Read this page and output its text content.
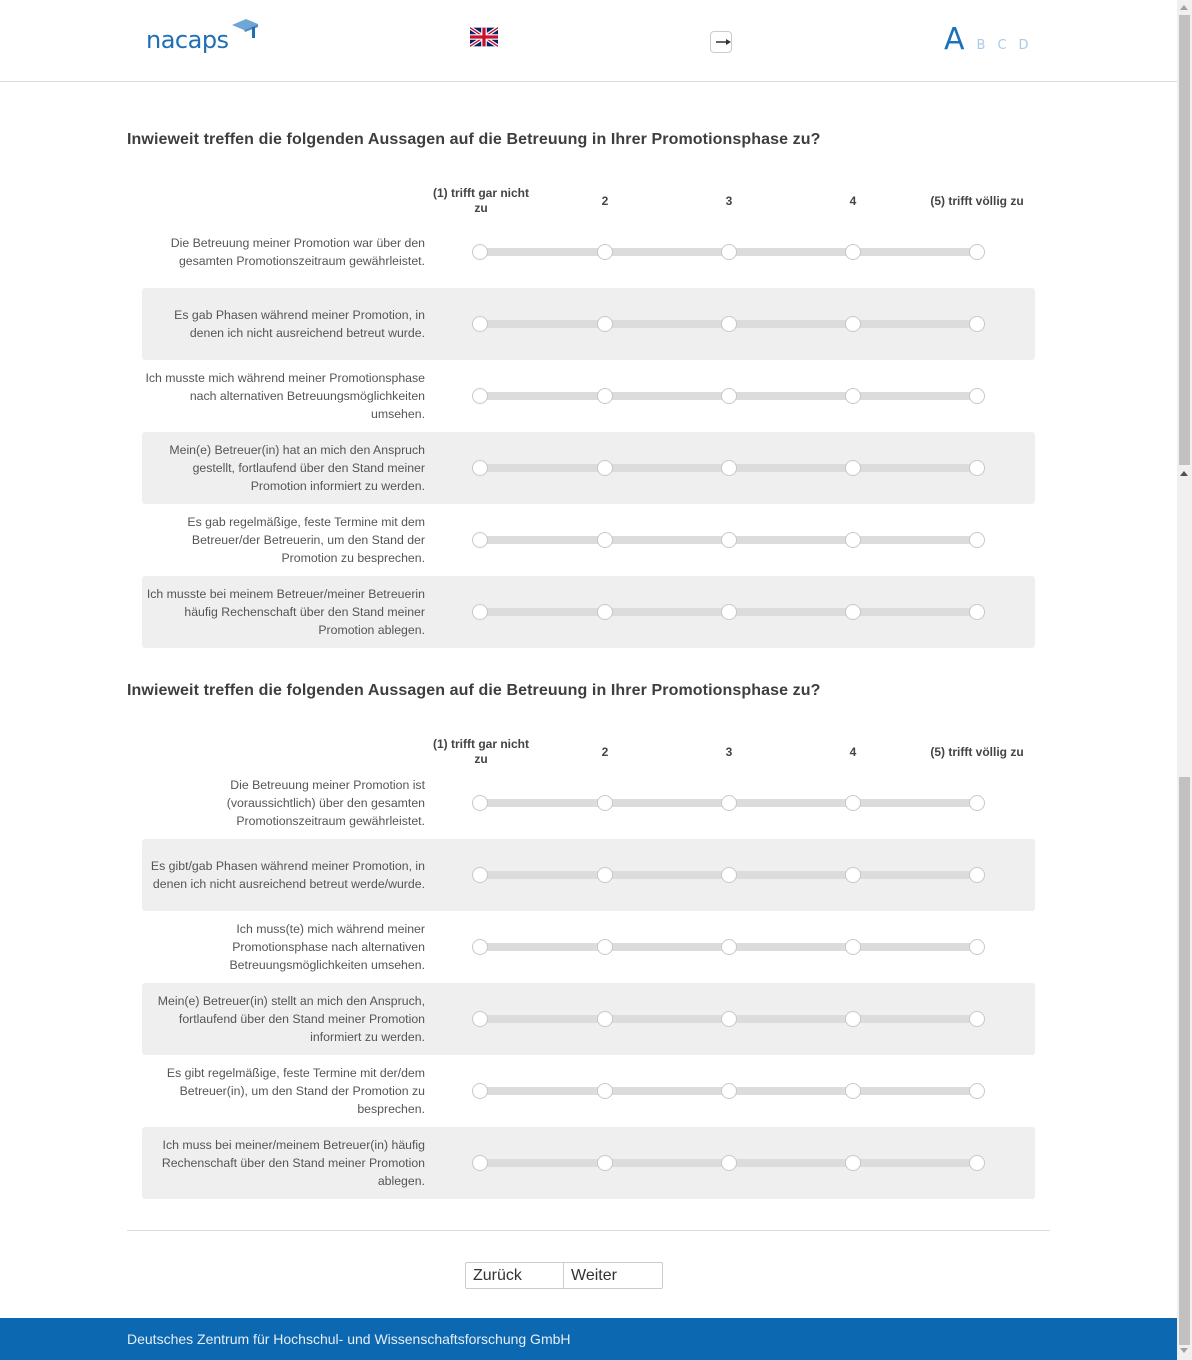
nacaps	A B C D
Inwieweit treffen die folgenden Aussagen auf die Betreuung in Ihrer Promotionsphase zu?
(1) trifft gar nicht zu	2	3	4	(5) trifft völlig zu
Die Betreuung meiner Promotion war über den gesamten Promotionszeitraum gewährleistet.
Es gab Phasen während meiner Promotion, in denen ich nicht ausreichend betreut wurde.
Ich musste mich während meiner Promotionsphase nach alternativen Betreuungsmöglichkeiten umsehen.
Mein(e) Betreuer(in) hat an mich den Anspruch gestellt, fortlaufend über den Stand meiner Promotion informiert zu werden.
Es gab regelmäßige, feste Termine mit dem Betreuer/der Betreuerin, um den Stand der Promotion zu besprechen.
Ich musste bei meinem Betreuer/meiner Betreuerin häufig Rechenschaft über den Stand meiner Promotion ablegen.
Inwieweit treffen die folgenden Aussagen auf die Betreuung in Ihrer Promotionsphase zu?
(1) trifft gar nicht zu	2	3	4	(5) trifft völlig zu
Die Betreuung meiner Promotion ist (voraussichtlich) über den gesamten Promotionszeitraum gewährleistet.
Es gibt/gab Phasen während meiner Promotion, in denen ich nicht ausreichend betreut werde/wurde.
Ich muss(te) mich während meiner Promotionsphase nach alternativen Betreuungsmöglichkeiten umsehen.
Mein(e) Betreuer(in) stellt an mich den Anspruch, fortlaufend über den Stand meiner Promotion informiert zu werden.
Es gibt regelmäßige, feste Termine mit der/dem Betreuer(in), um den Stand der Promotion zu besprechen.
Ich muss bei meiner/meinem Betreuer(in) häufig Rechenschaft über den Stand meiner Promotion ablegen.
Zurück	Weiter
Deutsches Zentrum für Hochschul- und Wissenschaftsforschung GmbH
